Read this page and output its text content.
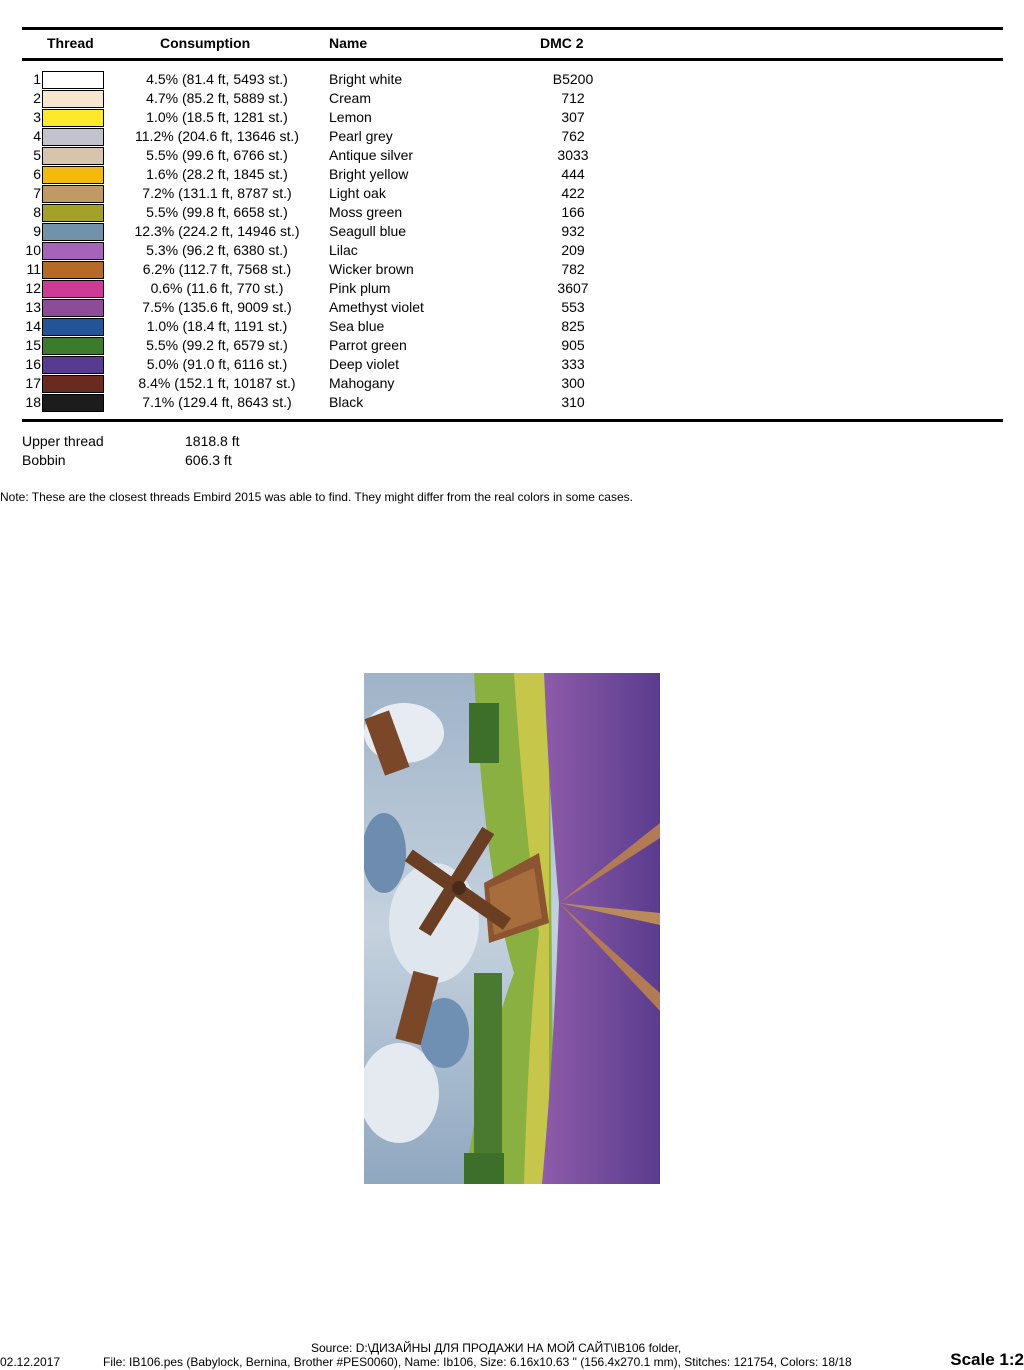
Thread	Consumption	Name	DMC 2
1	4.5% (81.4 ft, 5493 st.)	Bright white	B5200
2	4.7% (85.2 ft, 5889 st.)	Cream	712
3	1.0% (18.5 ft, 1281 st.)	Lemon	307
4	11.2% (204.6 ft, 13646 st.)	Pearl grey	762
5	5.5% (99.6 ft, 6766 st.)	Antique silver	3033
6	1.6% (28.2 ft, 1845 st.)	Bright yellow	444
7	7.2% (131.1 ft, 8787 st.)	Light oak	422
8	5.5% (99.8 ft, 6658 st.)	Moss green	166
9	12.3% (224.2 ft, 14946 st.)	Seagull blue	932
10	5.3% (96.2 ft, 6380 st.)	Lilac	209
11	6.2% (112.7 ft, 7568 st.)	Wicker brown	782
12	0.6% (11.6 ft, 770 st.)	Pink plum	3607
13	7.5% (135.6 ft, 9009 st.)	Amethyst violet	553
14	1.0% (18.4 ft, 1191 st.)	Sea blue	825
15	5.5% (99.2 ft, 6579 st.)	Parrot green	905
16	5.0% (91.0 ft, 6116 st.)	Deep violet	333
17	8.4% (152.1 ft, 10187 st.)	Mahogany	300
18	7.1% (129.4 ft, 8643 st.)	Black	310
Upper thread	1818.8 ft
Bobbin	606.3 ft
Note: These are the closest threads Embird 2015 was able to find. They might differ from the real colors in some cases.
Source: D:\ДИЗАЙНЫ ДЛЯ ПРОДАЖИ НА МОЙ САЙТ\IB106 folder,
02.12.2017	File: IB106.pes (Babylock, Bernina, Brother #PES0060), Name: Ib106, Size: 6.16x10.63 " (156.4x270.1 mm), Stitches: 121754, Colors: 18/18	Scale 1:2
